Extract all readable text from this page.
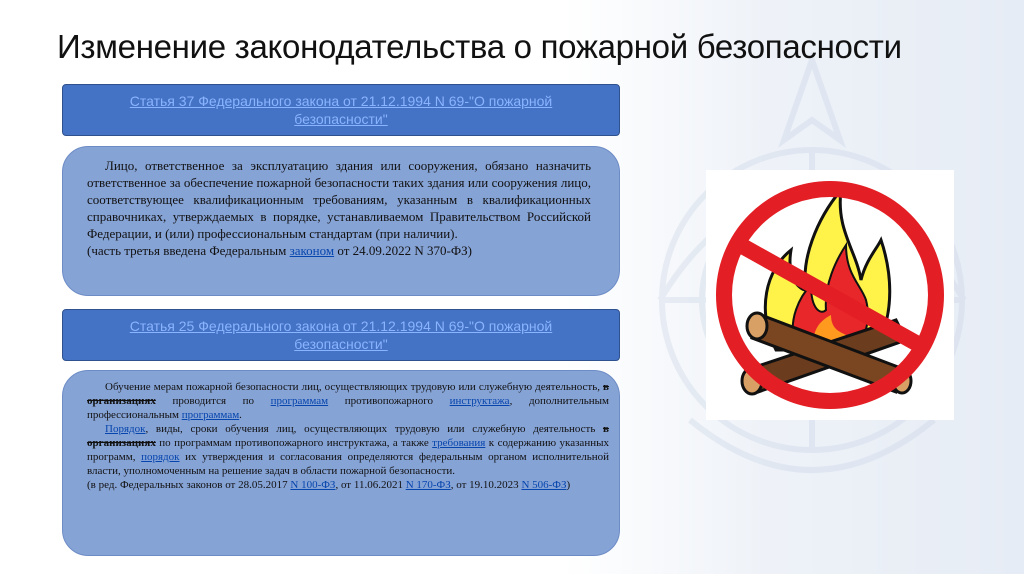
Изменение законодательства о пожарной безопасности
Статья 37 Федерального закона от 21.12.1994 N 69-"О пожарной безопасности"

Лицо, ответственное за эксплуатацию здания или сооружения, обязано назначить ответственное за обеспечение пожарной безопасности таких здания или сооружения лицо, соответствующее квалификационным требованиям, указанным в квалификационных справочниках, утверждаемых в порядке, устанавливаемом Правительством Российской Федерации, и (или) профессиональным стандартам (при наличии).

(часть третья введена Федеральным законом от 24.09.2022 N 370-ФЗ)

Статья 25 Федерального закона от 21.12.1994 N 69-"О пожарной безопасности"

Обучение мерам пожарной безопасности лиц, осуществляющих трудовую или служебную деятельность, в организациях проводится по программам противопожарного инструктажа, дополнительным профессиональным программам.

Порядок, виды, сроки обучения лиц, осуществляющих трудовую или служебную деятельность в организациях по программам противопожарного инструктажа, а также требования к содержанию указанных программ, порядок их утверждения и согласования определяются федеральным органом исполнительной власти, уполномоченным на решение задач в области пожарной безопасности.

(в ред. Федеральных законов от 28.05.2017 N 100-ФЗ, от 11.06.2021 N 170-ФЗ, от 19.10.2023 N 506-ФЗ)
